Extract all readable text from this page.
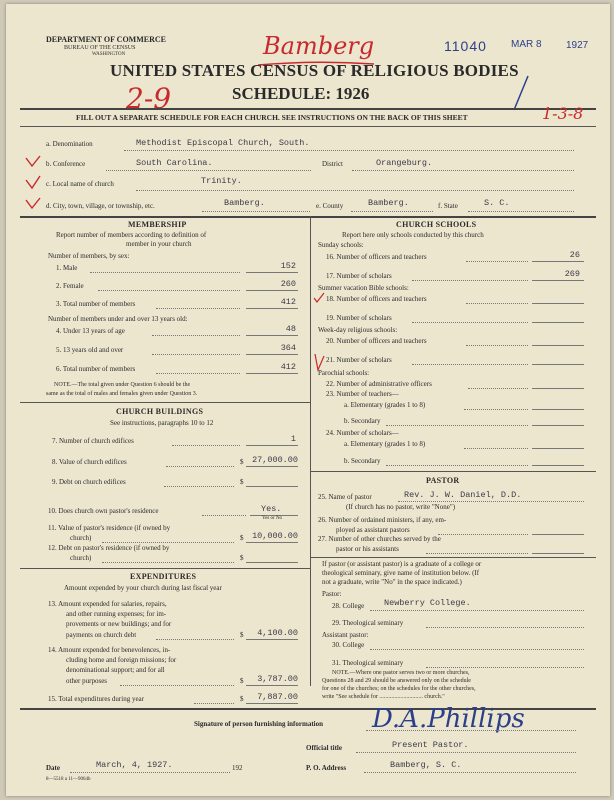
DEPARTMENT OF COMMERCE
BUREAU OF THE CENSUS
WASHINGTON
11040 MAR 8 1927
Bamberg
UNITED STATES CENSUS OF RELIGIOUS BODIES
SCHEDULE: 1926
2-9
FILL OUT A SEPARATE SCHEDULE FOR EACH CHURCH. SEE INSTRUCTIONS ON THE BACK OF THIS SHEET	1-3-8
a. Denomination	Methodist Episcopal Church, South.
b. Conference	South Carolina.	District	Orangeburg.
c. Local name of church	Trinity.
d. City, town, village, or township, etc.	Bamberg.	e. County	Bamberg.	f. State	S. C.
MEMBERSHIP
Report number of members according to definition of
member in your church
Number of members, by sex:
1. Male	152
2. Female	260
3. Total number of members	412
Number of members under and over 13 years old:
4. Under 13 years of age	48
5. 13 years old and over	364
6. Total number of members	412
NOTE.—The total given under Question 6 should be the
same as the total of males and females given under Question 3.
CHURCH BUILDINGS
See instructions, paragraphs 10 to 12
7. Number of church edifices	1
8. Value of church edifices	$	27,000.00
9. Debt on church edifices	$
10. Does church own pastor's residence	Yes.
Yes or No
11. Value of pastor's residence (if owned by
church)	$	10,000.00
12. Debt on pastor's residence (if owned by
church)	$
EXPENDITURES
Amount expended by your church during last fiscal year
13. Amount expended for salaries, repairs,
and other running expenses; for im-
provements or new buildings; and for
payments on church debt	$	4,100.00
14. Amount expended for benevolences, in-
cluding home and foreign missions; for
denominational support; and for all
other purposes	$	3,787.00
15. Total expenditures during year	$	7,887.00
CHURCH SCHOOLS
Report here only schools conducted by this church
Sunday schools:
16. Number of officers and teachers	26
17. Number of scholars	269
Summer vacation Bible schools:
18. Number of officers and teachers
19. Number of scholars
Week-day religious schools:
20. Number of officers and teachers
21. Number of scholars
Parochial schools:
22. Number of administrative officers
23. Number of teachers—
a. Elementary (grades 1 to 8)
b. Secondary
24. Number of scholars—
a. Elementary (grades 1 to 8)
b. Secondary
PASTOR
25. Name of pastor	Rev. J. W. Daniel, D.D.
(If church has no pastor, write "None")
26. Number of ordained ministers, if any, em-
ployed as assistant pastors
27. Number of other churches served by the
pastor or his assistants
If pastor (or assistant pastor) is a graduate of a college or
theological seminary, give name of institution below. (If
not a graduate, write "No" in the space indicated.)
Pastor:
28. College Newberry College.
29. Theological seminary
Assistant pastor:
30. College
31. Theological seminary
NOTE.—Where one pastor serves two or more churches,
Questions 28 and 29 should be answered only on the schedule
for one of the churches; on the schedules for the other churches,
write "See schedule for ............................. church."
Signature of person furnishing information D.A.Phillips
Official title	Present Pastor.
Date	March, 4, 1927.	192	P. O. Address	Bamberg, S. C.
8—5518 a 11—9064b
